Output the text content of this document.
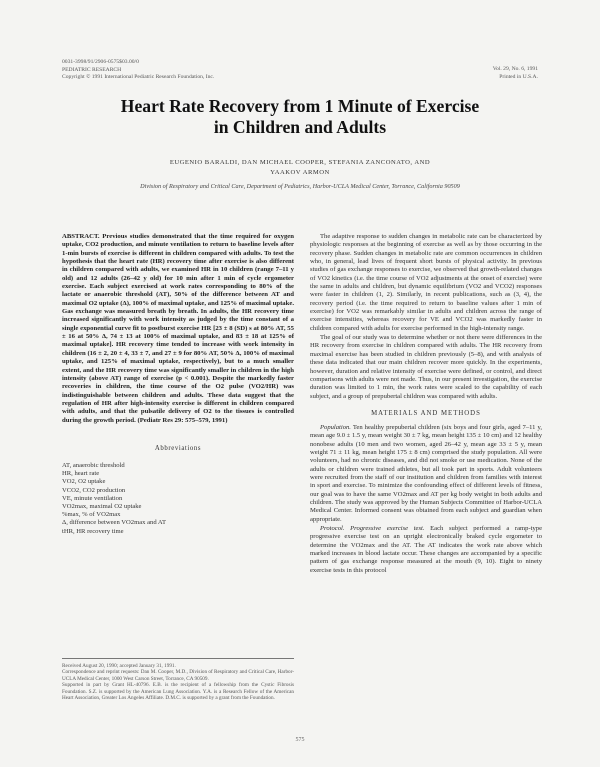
0031-3998/91/2906-0575$03.00/0
PEDIATRIC RESEARCH
Copyright © 1991 International Pediatric Research Foundation, Inc.
Vol. 29, No. 6, 1991
Printed in U.S.A.
Heart Rate Recovery from 1 Minute of Exercise
in Children and Adults
EUGENIO BARALDI, DAN MICHAEL COOPER, STEFANIA ZANCONATO, AND
YAAKOV ARMON
Division of Respiratory and Critical Care, Department of Pediatrics, Harbor-UCLA Medical Center, Torrance, California 90509

ABSTRACT. Previous studies demonstrated that the time required for oxygen uptake, CO2 production, and minute ventilation to return to baseline levels after 1-min bursts of exercise is different in children compared with adults. To test the hypothesis that the heart rate (HR) recovery time after exercise is also different in children compared with adults, we examined HR in 10 children (range 7–11 y old) and 12 adults (26–42 y old) for 10 min after 1 min of cycle ergometer exercise. Each subject exercised at work rates corresponding to 80% of the lactate or anaerobic threshold (AT), 50% of the difference between AT and maximal O2 uptake (Δ), 100% of maximal uptake, and 125% of maximal uptake. Gas exchange was measured breath by breath. In adults, the HR recovery time increased significantly with work intensity as judged by the time constant of a single exponential curve fit to postburst exercise HR [23 ± 8 (SD) s at 80% AT, 55 ± 16 at 50% Δ, 74 ± 13 at 100% of maximal uptake, and 83 ± 18 at 125% of maximal uptake]. HR recovery time tended to increase with work intensity in children (16 ± 2, 20 ± 4, 33 ± 7, and 27 ± 9 for 80% AT, 50% Δ, 100% of maximal uptake, and 125% of maximal uptake, respectively), but to a much smaller extent, and the HR recovery time was significantly smaller in children in the high intensity (above AT) range of exercise (p < 0.001). Despite the markedly faster recoveries in children, the time course of the O2 pulse (VO2/HR) was indistinguishable between children and adults. These data suggest that the regulation of HR after high-intensity exercise is different in children compared with adults, and that the pulsatile delivery of O2 to the tissues is controlled during the growth period. (Pediatr Res 29: 575–579, 1991)

Abbreviations
AT, anaerobic threshold
HR, heart rate
VO2, O2 uptake
VCO2, CO2 production
VE, minute ventilation
VO2max, maximal O2 uptake
%max, % of VO2max
Δ, difference between VO2max and AT
tHR, HR recovery time
Received August 20, 1990; accepted January 31, 1991.
Correspondence and reprint requests: Dan M. Cooper, M.D., Division of Respiratory and Critical Care, Harbor-UCLA Medical Center, 1000 West Carson Street, Torrance, CA 90509.
Supported in part by Grant HL-40796. E.B. is the recipient of a fellowship from the Cystic Fibrosis Foundation. S.Z. is supported by the American Lung Association. Y.A. is a Research Fellow of the American Heart Association, Greater Los Angeles Affiliate. D.M.C. is supported by a grant from the Foundation.

The adaptive response to sudden changes in metabolic rate can be characterized by physiologic responses at the beginning of exercise as well as by those occurring in the recovery phase. Sudden changes in metabolic rate are common occurrences in children who, in general, lead lives of frequent short bursts of physical activity. In previous studies of gas exchange responses to exercise, we observed that growth-related changes of VO2 kinetics (i.e. the time course of VO2 adjustments at the onset of exercise) were the same in adults and children, but dynamic equilibrium (VO2 and VCO2) responses were faster in children (1, 2). Similarly, in recent publications, such as (3, 4), the recovery period (i.e. the time required to return to baseline values after 1 min of exercise) for VO2 was remarkably similar in adults and children across the range of exercise intensities, whereas recovery for VE and VCO2 was markedly faster in children compared with adults for exercise performed in the high-intensity range.

The goal of our study was to determine whether or not there were differences in the HR recovery from exercise in children compared with adults. The HR recovery from maximal exercise has been studied in children previously (5–8), and with analysis of these data indicated that our main children recover more quickly. In the experiments, however, duration and relative intensity of exercise were defined, or control, and direct comparisons with adults were not made. Thus, in our present investigation, the exercise duration was limited to 1 min, the work rates were scaled to the capability of each subject, and a group of prepubertal children was compared with adults.

MATERIALS AND METHODS

Population. Ten healthy prepubertal children (six boys and four girls, aged 7–11 y, mean age 9.0 ± 1.5 y, mean weight 30 ± 7 kg, mean height 135 ± 10 cm) and 12 healthy nonobese adults (10 men and two women, aged 26–42 y, mean age 33 ± 5 y, mean weight 71 ± 11 kg, mean height 175 ± 8 cm) comprised the study population. All were volunteers, had no chronic diseases, and did not smoke or use medication. None of the adults or children were trained athletes, but all took part in sports. Adult volunteers were recruited from the staff of our institution and children from families with interest in sport and exercise. To minimize the confounding effect of different levels of fitness, our goal was to have the same VO2max and AT per kg body weight in both adults and children. The study was approved by the Human Subjects Committee of Harbor-UCLA Medical Center. Informed consent was obtained from each subject and guardian when appropriate.

Protocol. Progressive exercise test. Each subject performed a ramp-type progressive exercise test on an upright electronically braked cycle ergometer to determine the VO2max and the AT. The AT indicates the work rate above which marked increases in blood lactate occur. These changes are accompanied by a specific pattern of gas exchange response measured at the mouth (9, 10). Eight to ninety exercise tests in this protocol

575
